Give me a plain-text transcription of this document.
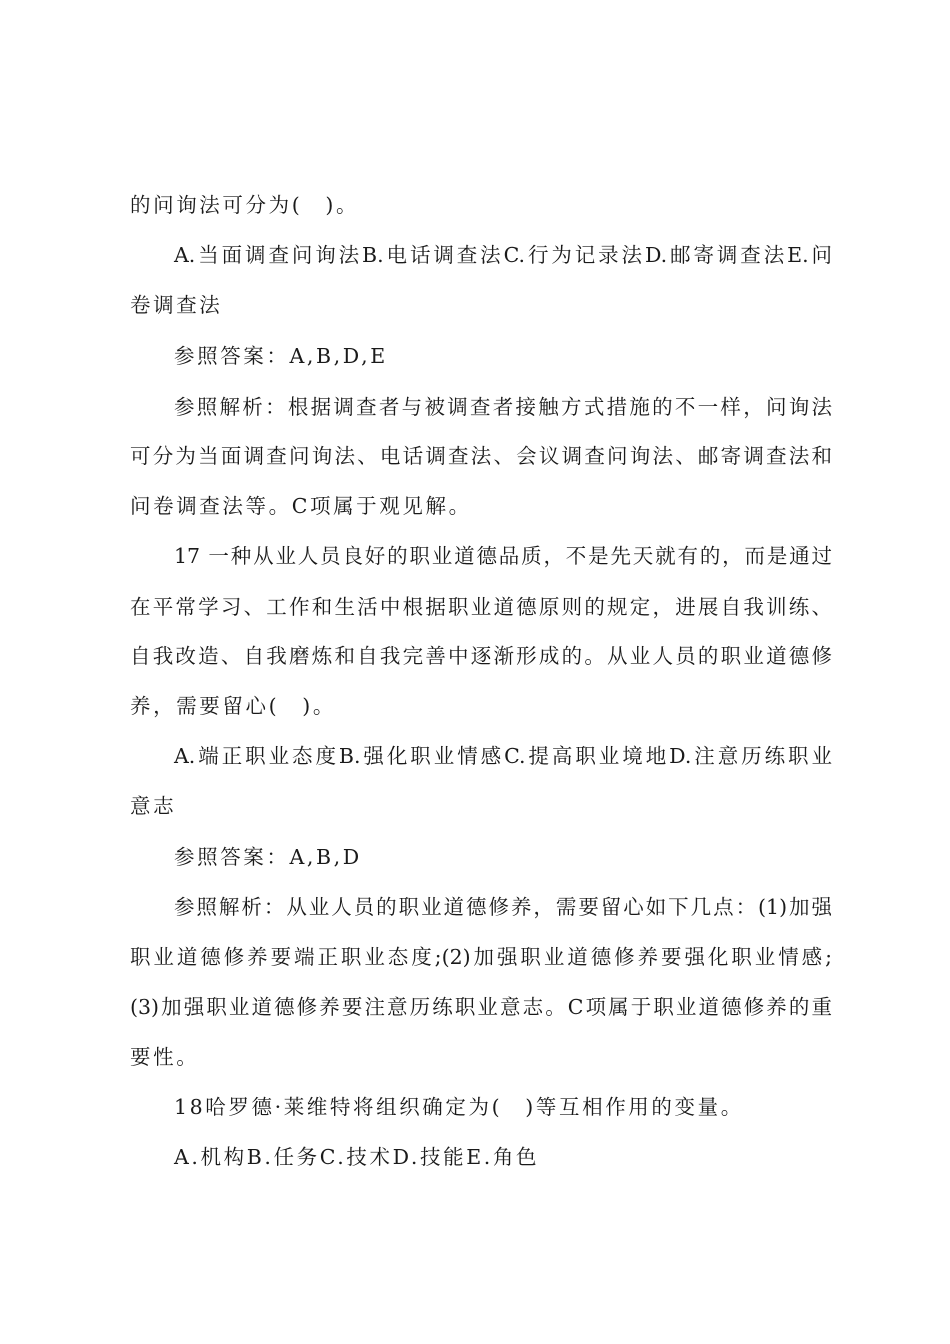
的问询法可分为(　)。
A.当面调查问询法B.电话调查法C.行为记录法D.邮寄调查法E.问
卷调查法
参照答案：A,B,D,E
参照解析：根据调查者与被调查者接触方式措施的不一样，问询法
可分为当面调查问询法、电话调查法、会议调查问询法、邮寄调查法和
问卷调查法等。C项属于观见解。
17 一种从业人员良好的职业道德品质，不是先天就有的，而是通过
在平常学习、工作和生活中根据职业道德原则的规定，进展自我训练、
自我改造、自我磨炼和自我完善中逐渐形成的。从业人员的职业道德修
养，需要留心(　)。
A.端正职业态度B.强化职业情感C.提高职业境地D.注意历练职业
意志
参照答案：A,B,D
参照解析：从业人员的职业道德修养，需要留心如下几点：(1)加强
职业道德修养要端正职业态度;(2)加强职业道德修养要强化职业情感;
(3)加强职业道德修养要注意历练职业意志。C项属于职业道德修养的重
要性。
18哈罗德·莱维特将组织确定为(　)等互相作用的变量。
A.机构B.任务C.技术D.技能E.角色
